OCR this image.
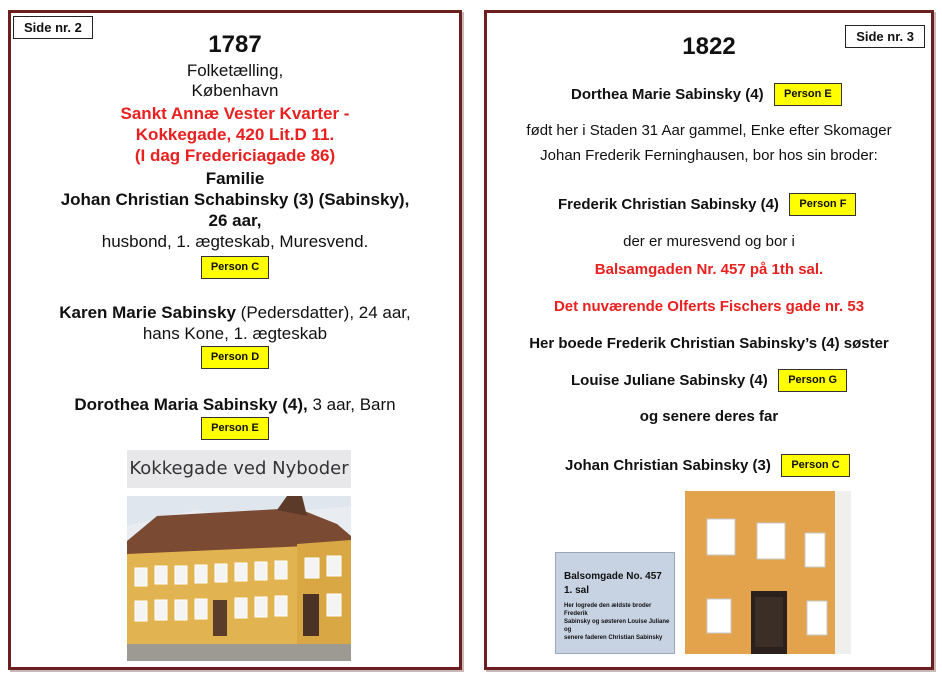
Side nr. 2
1787
Folketælling,
København
Sankt Annæ Vester Kvarter -
Kokkegade, 420 Lit.D 11.
(I dag Fredericiagade 86)
Familie
Johan Christian Schabinsky (3) (Sabinsky),
26 aar,
husbond, 1. ægteskab, Muresvend.
Person C
Karen Marie Sabinsky (Pedersdatter), 24 aar,
hans Kone, 1. ægteskab
Person D
Dorothea Maria Sabinsky (4), 3 aar, Barn
Person E
Kokkegade ved Nyboder
Side nr. 3
1822
Dorthea Marie Sabinsky (4) Person E
født her i Staden 31 Aar gammel, Enke efter Skomager
Johan Frederik Ferninghausen, bor hos sin broder:
Frederik Christian Sabinsky (4) Person F
der er muresvend og bor i
Balsamgaden Nr. 457 på 1th sal.
Det nuværende Olferts Fischers gade nr. 53
Her boede Frederik Christian Sabinsky’s (4) søster
Louise Juliane Sabinsky (4) Person G
og senere deres far
Johan Christian Sabinsky (3) Person C
Balsomgade No. 457
1. sal
Her logrede den ældste broder Frederik
Sabinsky og søsteren Louise Juliane og
senere faderen Christian Sabinsky
